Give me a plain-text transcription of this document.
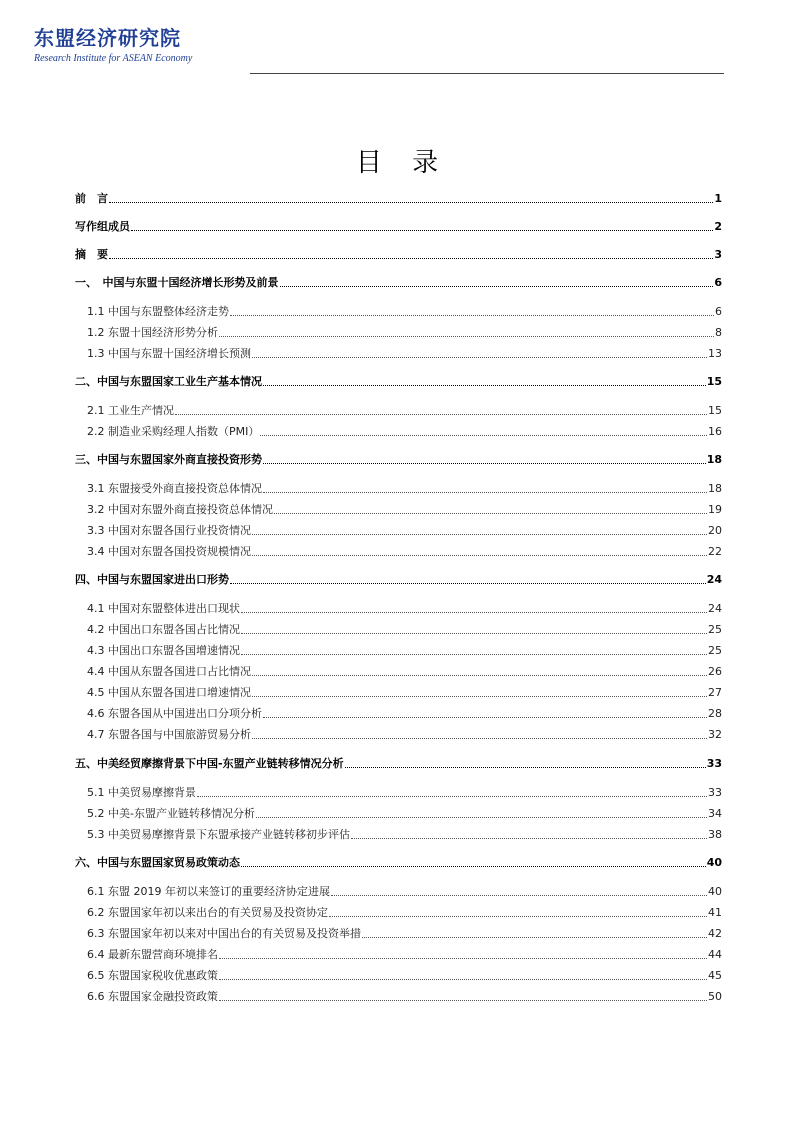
东盟经济研究院
Research Institute for ASEAN Economy
目 录
前　言	1
写作组成员	2
摘　要	3
一、　中国与东盟十国经济增长形势及前景	6
1.1 中国与东盟整体经济走势	6
1.2 东盟十国经济形势分析	8
1.3 中国与东盟十国经济增长预测	13
二、中国与东盟国家工业生产基本情况	15
2.1 工业生产情况	15
2.2 制造业采购经理人指数（PMI）	16
三、中国与东盟国家外商直接投资形势	18
3.1 东盟接受外商直接投资总体情况	18
3.2 中国对东盟外商直接投资总体情况	19
3.3 中国对东盟各国行业投资情况	20
3.4 中国对东盟各国投资规模情况	22
四、中国与东盟国家进出口形势	24
4.1 中国对东盟整体进出口现状	24
4.2 中国出口东盟各国占比情况	25
4.3 中国出口东盟各国增速情况	25
4.4 中国从东盟各国进口占比情况	26
4.5 中国从东盟各国进口增速情况	27
4.6 东盟各国从中国进出口分项分析	28
4.7 东盟各国与中国旅游贸易分析	32
五、中美经贸摩擦背景下中国-东盟产业链转移情况分析	33
5.1 中美贸易摩擦背景	33
5.2 中美-东盟产业链转移情况分析	34
5.3 中美贸易摩擦背景下东盟承接产业链转移初步评估	38
六、中国与东盟国家贸易政策动态	40
6.1 东盟 2019 年初以来签订的重要经济协定进展	40
6.2 东盟国家年初以来出台的有关贸易及投资协定	41
6.3 东盟国家年初以来对中国出台的有关贸易及投资举措	42
6.4 最新东盟营商环境排名	44
6.5 东盟国家税收优惠政策	45
6.6 东盟国家金融投资政策	50
